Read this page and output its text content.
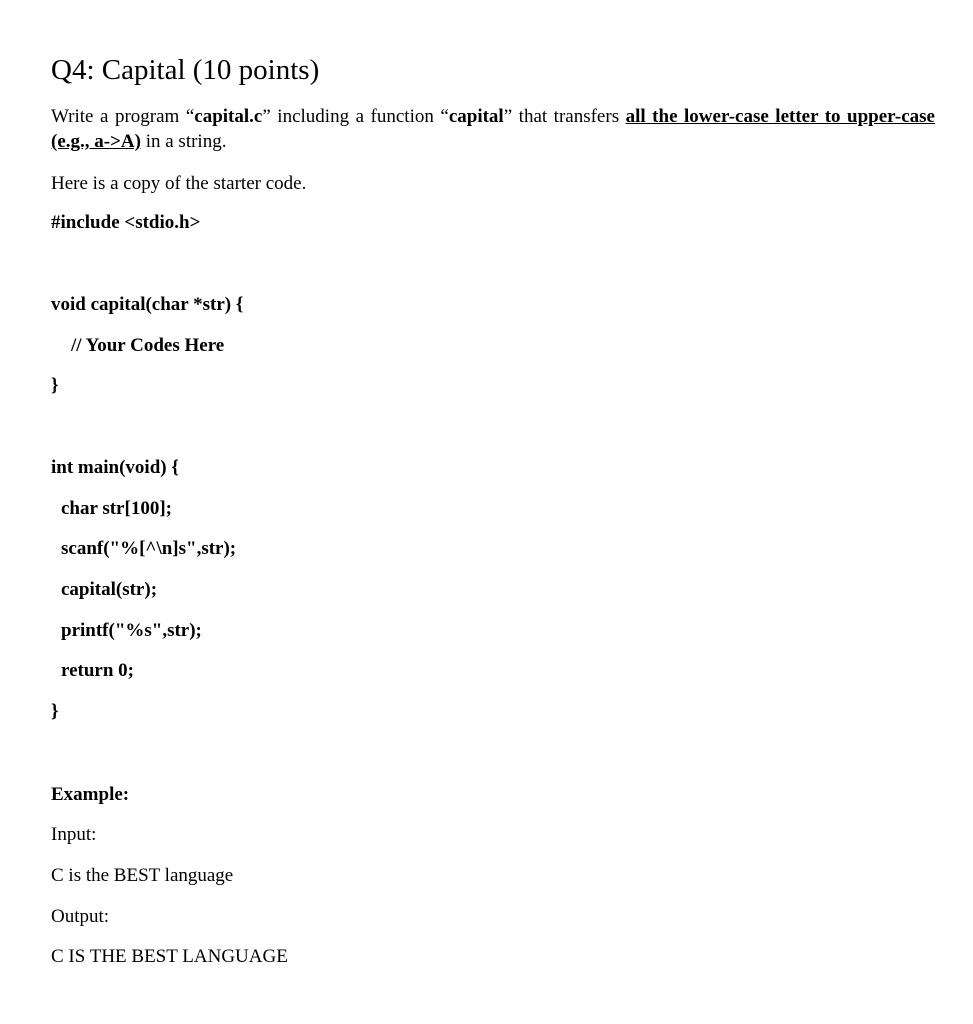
Q4: Capital (10 points)

Write a program “capital.c” including a function “capital” that transfers all the lower-case letter to upper-case (e.g., a->A) in a string.

Here is a copy of the starter code.

#include <stdio.h>

void capital(char *str) {

// Your Codes Here

}

int main(void) {

char str[100];

scanf("%[^\n]s",str);

capital(str);

printf("%s",str);

return 0;

}

Example:

Input:

C is the BEST language

Output:

C IS THE BEST LANGUAGE
